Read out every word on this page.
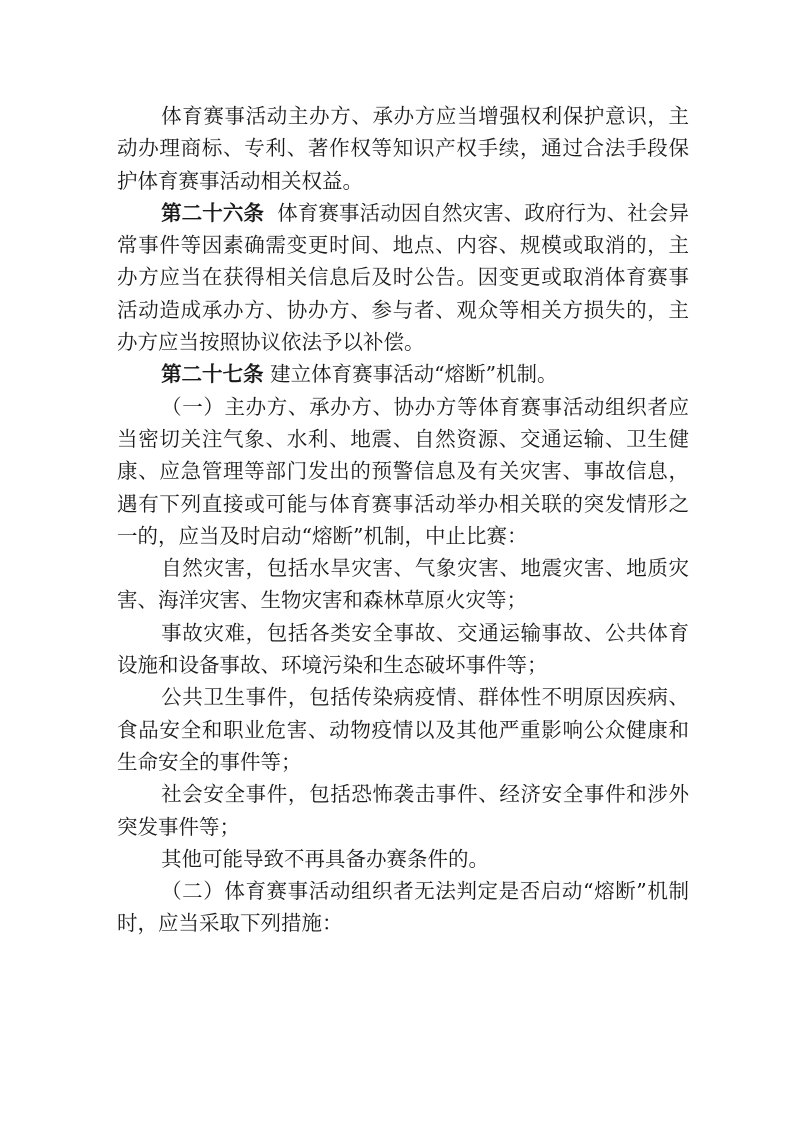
体育赛事活动主办方、承办方应当增强权利保护意识，主动办理商标、专利、著作权等知识产权手续，通过合法手段保护体育赛事活动相关权益。

第二十六条 体育赛事活动因自然灾害、政府行为、社会异常事件等因素确需变更时间、地点、内容、规模或取消的，主办方应当在获得相关信息后及时公告。因变更或取消体育赛事活动造成承办方、协办方、参与者、观众等相关方损失的，主办方应当按照协议依法予以补偿。

第二十七条 建立体育赛事活动“熔断”机制。

（一）主办方、承办方、协办方等体育赛事活动组织者应当密切关注气象、水利、地震、自然资源、交通运输、卫生健康、应急管理等部门发出的预警信息及有关灾害、事故信息，遇有下列直接或可能与体育赛事活动举办相关联的突发情形之一的，应当及时启动“熔断”机制，中止比赛：

自然灾害，包括水旱灾害、气象灾害、地震灾害、地质灾害、海洋灾害、生物灾害和森林草原火灾等；

事故灾难，包括各类安全事故、交通运输事故、公共体育设施和设备事故、环境污染和生态破坏事件等；

公共卫生事件，包括传染病疫情、群体性不明原因疾病、食品安全和职业危害、动物疫情以及其他严重影响公众健康和生命安全的事件等；

社会安全事件，包括恐怖袭击事件、经济安全事件和涉外突发事件等；

其他可能导致不再具备办赛条件的。

（二）体育赛事活动组织者无法判定是否启动“熔断”机制时，应当采取下列措施：
